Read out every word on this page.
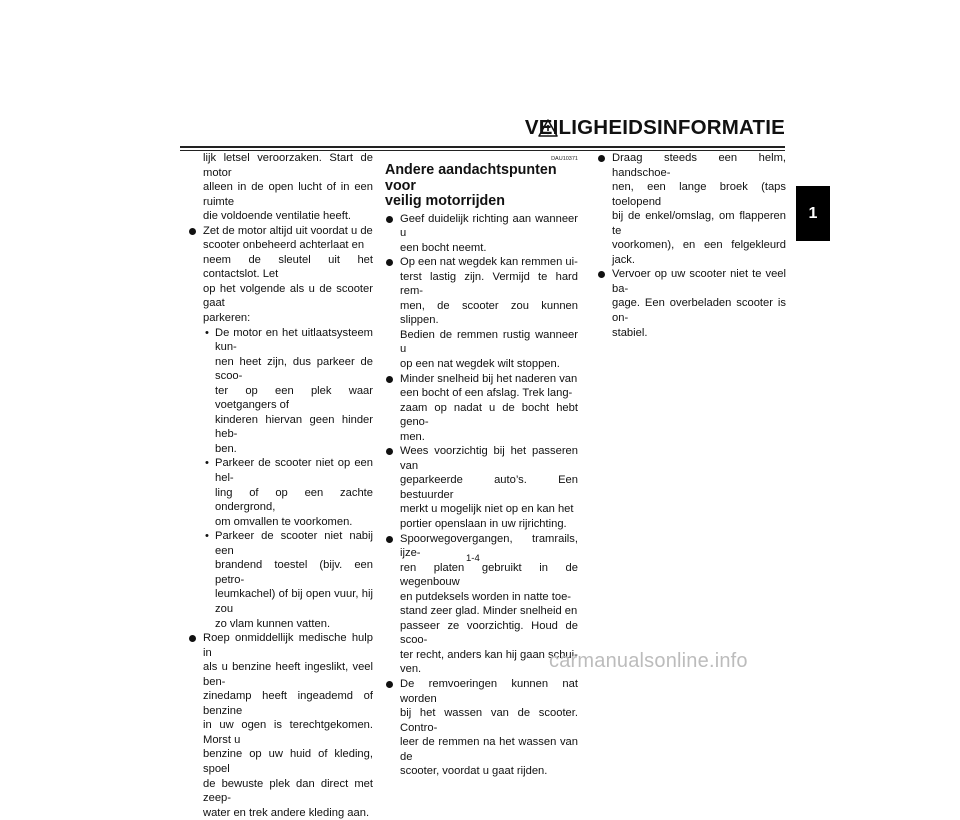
VEILIGHEIDSINFORMATIE
1
lijk letsel veroorzaken. Start de motor
alleen in de open lucht of in een ruimte
die voldoende ventilatie heeft.
Zet de motor altijd uit voordat u de
scooter onbeheerd achterlaat en
neem de sleutel uit het contactslot. Let
op het volgende als u de scooter gaat
parkeren:
• De motor en het uitlaatsysteem kun-
nen heet zijn, dus parkeer de scoo-
ter op een plek waar voetgangers of
kinderen hiervan geen hinder heb-
ben.
• Parkeer de scooter niet op een hel-
ling of op een zachte ondergrond,
om omvallen te voorkomen.
• Parkeer de scooter niet nabij een
brandend toestel (bijv. een petro-
leumkachel) of bij open vuur, hij zou
zo vlam kunnen vatten.
Roep onmiddellijk medische hulp in
als u benzine heeft ingeslikt, veel ben-
zinedamp heeft ingeademd of benzine
in uw ogen is terechtgekomen. Morst u
benzine op uw huid of kleding, spoel
de bewuste plek dan direct met zeep-
water en trek andere kleding aan.
DAU10371
Andere aandachtspunten voor
veilig motorrijden
Geef duidelijk richting aan wanneer u
een bocht neemt.
Op een nat wegdek kan remmen ui-
terst lastig zijn. Vermijd te hard rem-
men, de scooter zou kunnen slippen.
Bedien de remmen rustig wanneer u
op een nat wegdek wilt stoppen.
Minder snelheid bij het naderen van
een bocht of een afslag. Trek lang-
zaam op nadat u de bocht hebt geno-
men.
Wees voorzichtig bij het passeren van
geparkeerde auto’s. Een bestuurder
merkt u mogelijk niet op en kan het
portier openslaan in uw rijrichting.
Spoorwegovergangen, tramrails, ijze-
ren platen gebruikt in de wegenbouw
en putdeksels worden in natte toe-
stand zeer glad. Minder snelheid en
passeer ze voorzichtig. Houd de scoo-
ter recht, anders kan hij gaan schui-
ven.
De remvoeringen kunnen nat worden
bij het wassen van de scooter. Contro-
leer de remmen na het wassen van de
scooter, voordat u gaat rijden.
Draag steeds een helm, handschoe-
nen, een lange broek (taps toelopend
bij de enkel/omslag, om flapperen te
voorkomen), en een felgekleurd jack.
Vervoer op uw scooter niet te veel ba-
gage. Een overbeladen scooter is on-
stabiel.
1-4
carmanualsonline.info
